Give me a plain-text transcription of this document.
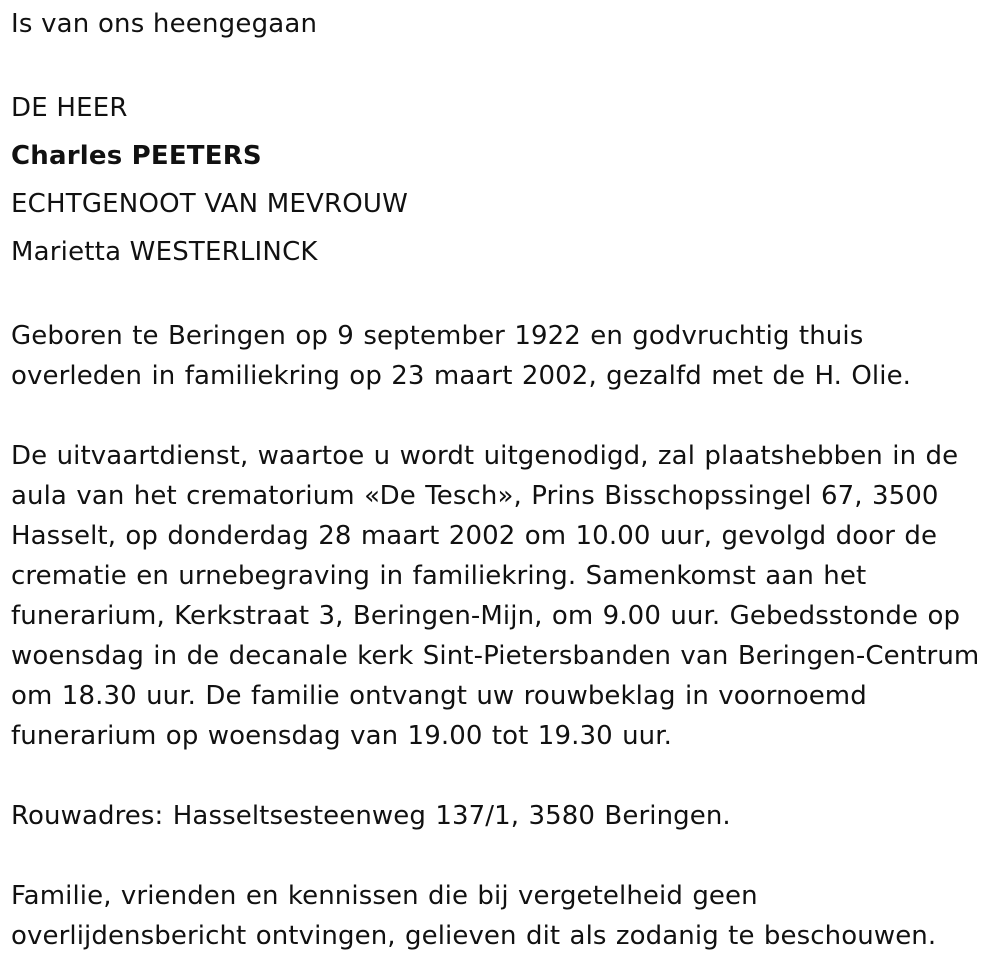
Is van ons heengegaan

DE HEER

Charles PEETERS

ECHTGENOOT VAN MEVROUW

Marietta WESTERLINCK

Geboren te Beringen op 9 september 1922 en godvruchtig thuis
overleden in familiekring op 23 maart 2002, gezalfd met de H. Olie.

De uitvaartdienst, waartoe u wordt uitgenodigd, zal plaatshebben in de
aula van het crematorium «De Tesch», Prins Bisschopssingel 67, 3500
Hasselt, op donderdag 28 maart 2002 om 10.00 uur, gevolgd door de
crematie en urnebegraving in familiekring. Samenkomst aan het
funerarium, Kerkstraat 3, Beringen-Mijn, om 9.00 uur. Gebedsstonde op
woensdag in de decanale kerk Sint-Pietersbanden van Beringen-Centrum
om 18.30 uur. De familie ontvangt uw rouwbeklag in voornoemd
funerarium op woensdag van 19.00 tot 19.30 uur.

Rouwadres: Hasseltsesteenweg 137/1, 3580 Beringen.

Familie, vrienden en kennissen die bij vergetelheid geen
overlijdensbericht ontvingen, gelieven dit als zodanig te beschouwen.
